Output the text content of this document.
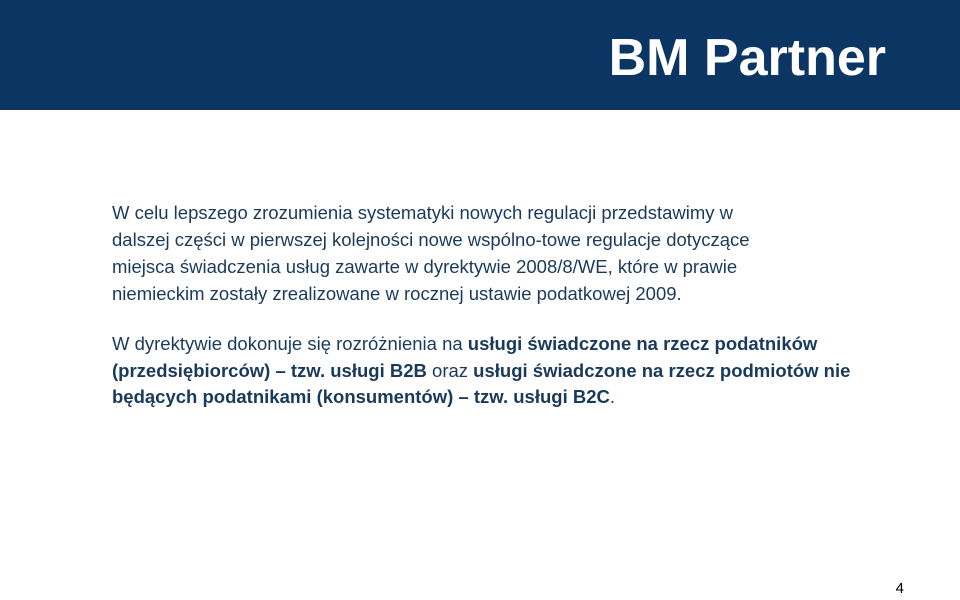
BM Partner

W celu lepszego zrozumienia systematyki nowych regulacji przedstawimy w
dalszej części w pierwszej kolejności nowe wspólno-towe regulacje dotyczące
miejsca świadczenia usług zawarte w dyrektywie 2008/8/WE, które w prawie
niemieckim zostały zrealizowane w rocznej ustawie podatkowej 2009.

W dyrektywie dokonuje się rozróżnienia na usługi świadczone na rzecz podatników (przedsiębiorców) – tzw. usługi B2B oraz usługi świadczone na rzecz podmiotów nie będących podatnikami (konsumentów) – tzw. usługi B2C.

4
